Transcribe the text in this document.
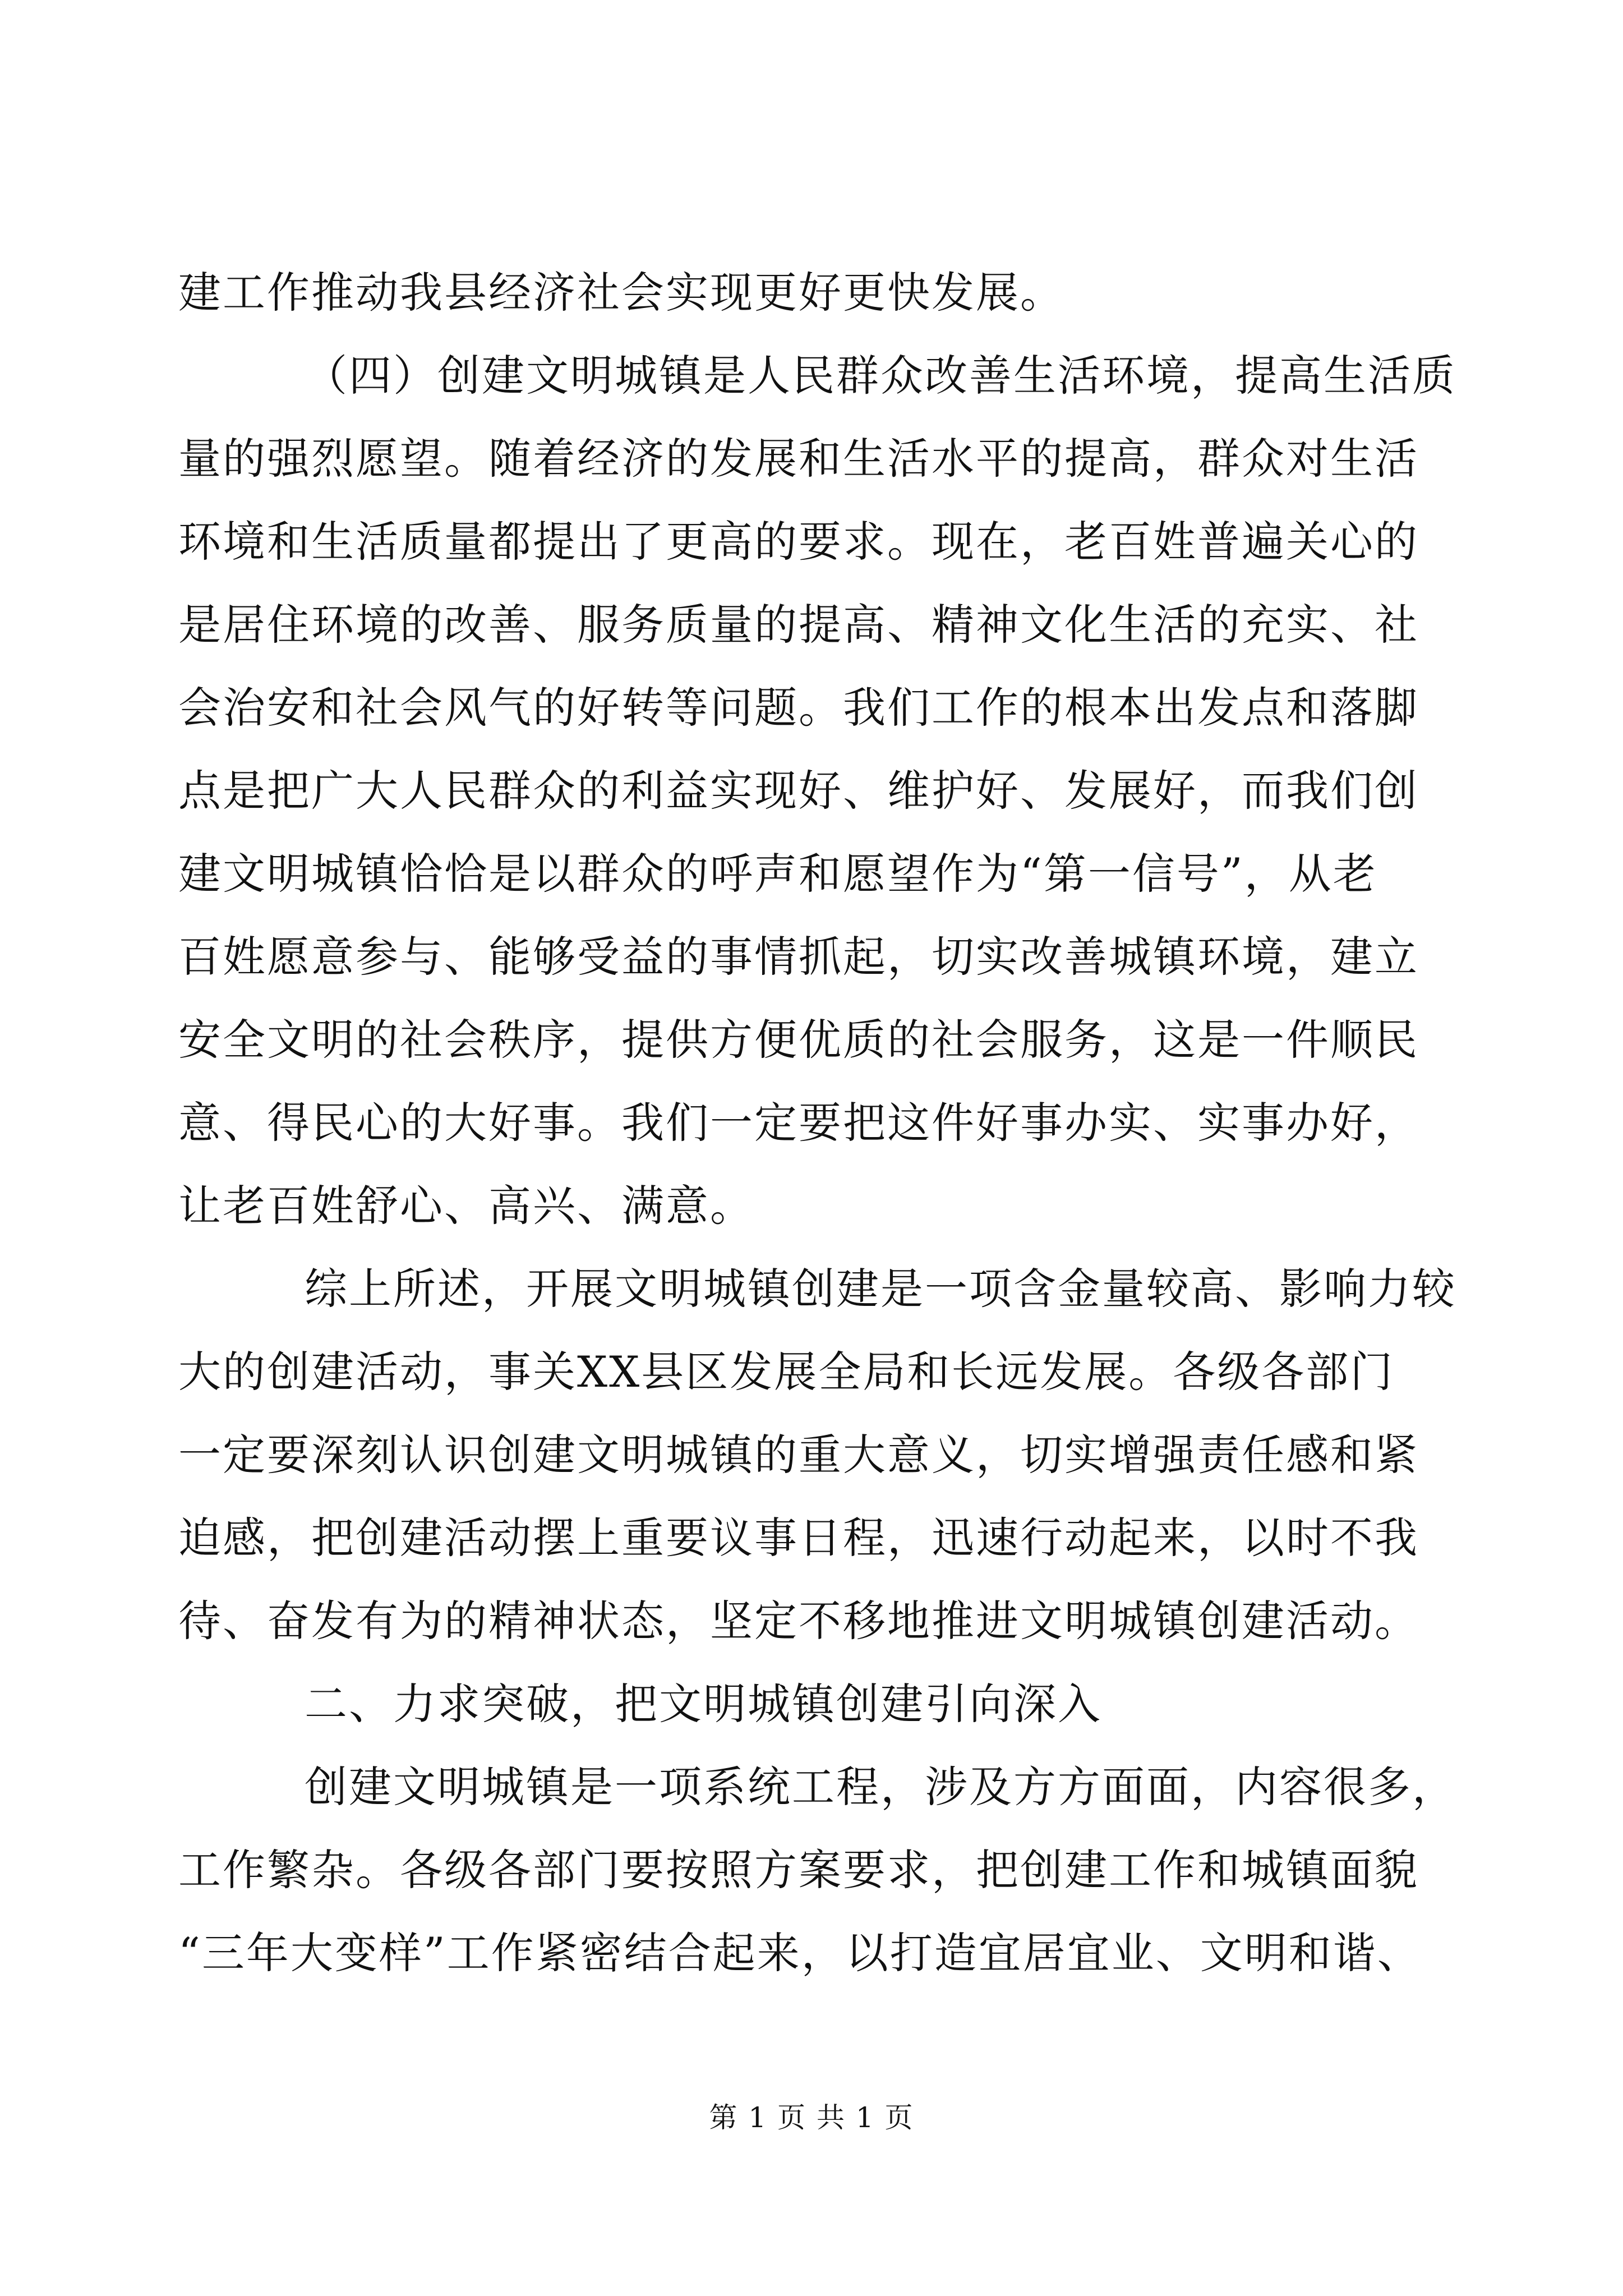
建工作推动我县经济社会实现更好更快发展。
（四）创建文明城镇是人民群众改善生活环境，提高生活质
量的强烈愿望。随着经济的发展和生活水平的提高，群众对生活
环境和生活质量都提出了更高的要求。现在，老百姓普遍关心的
是居住环境的改善、服务质量的提高、精神文化生活的充实、社
会治安和社会风气的好转等问题。我们工作的根本出发点和落脚
点是把广大人民群众的利益实现好、维护好、发展好，而我们创
建文明城镇恰恰是以群众的呼声和愿望作为“第一信号”，从老
百姓愿意参与、能够受益的事情抓起，切实改善城镇环境，建立
安全文明的社会秩序，提供方便优质的社会服务，这是一件顺民
意、得民心的大好事。我们一定要把这件好事办实、实事办好，
让老百姓舒心、高兴、满意。
综上所述，开展文明城镇创建是一项含金量较高、影响力较
大的创建活动，事关XX县区发展全局和长远发展。各级各部门
一定要深刻认识创建文明城镇的重大意义，切实增强责任感和紧
迫感，把创建活动摆上重要议事日程，迅速行动起来，以时不我
待、奋发有为的精神状态，坚定不移地推进文明城镇创建活动。
二、力求突破，把文明城镇创建引向深入
创建文明城镇是一项系统工程，涉及方方面面，内容很多，
工作繁杂。各级各部门要按照方案要求，把创建工作和城镇面貌
“三年大变样”工作紧密结合起来，以打造宜居宜业、文明和谐、
第 1 页 共 1 页
